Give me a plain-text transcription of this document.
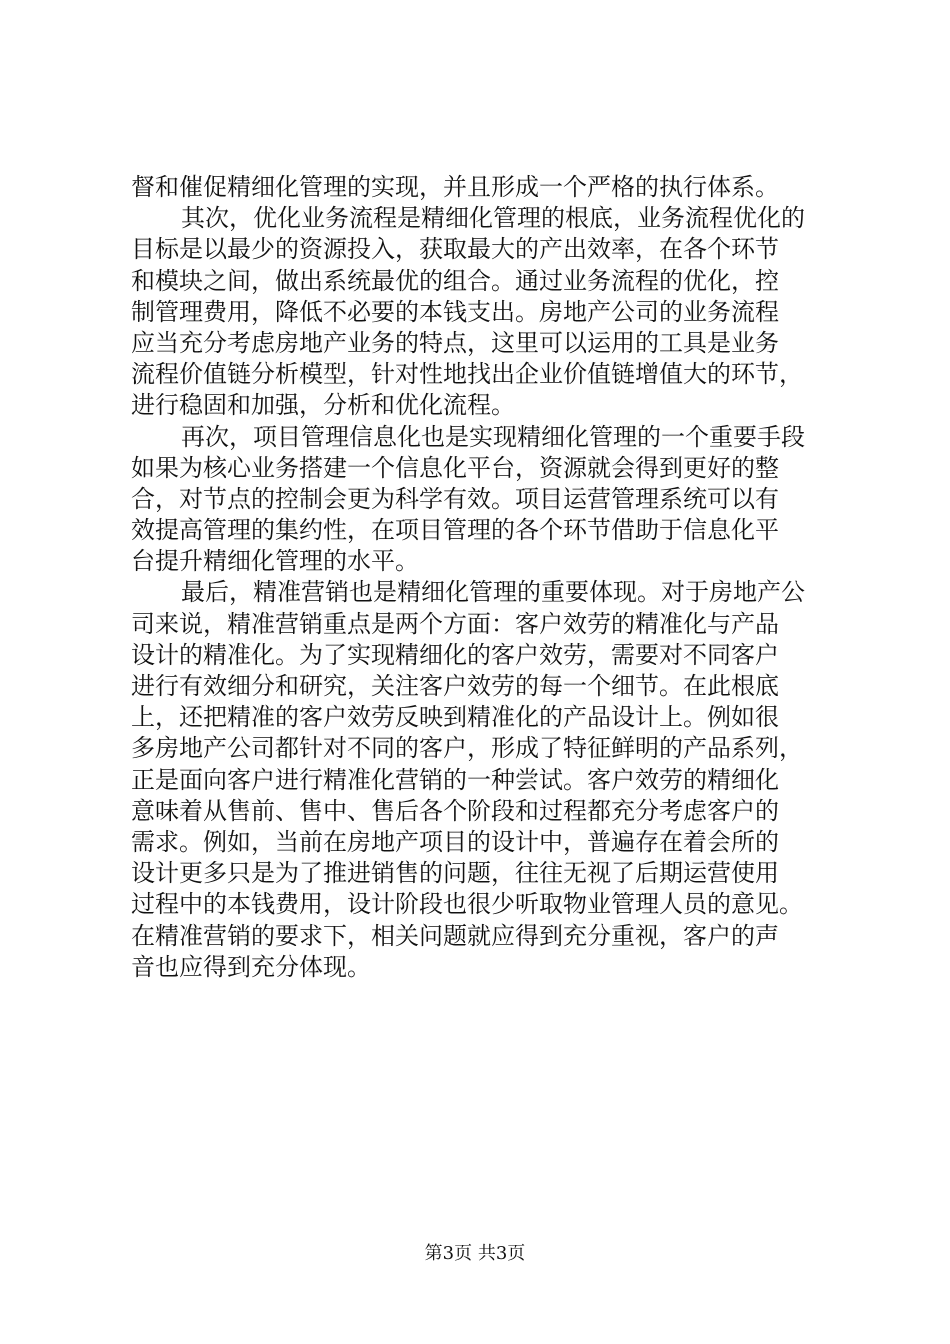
督和催促精细化管理的实现，并且形成一个严格的执行体系。
其次，优化业务流程是精细化管理的根底，业务流程优化的
目标是以最少的资源投入，获取最大的产出效率，在各个环节
和模块之间，做出系统最优的组合。通过业务流程的优化，控
制管理费用，降低不必要的本钱支出。房地产公司的业务流程
应当充分考虑房地产业务的特点，这里可以运用的工具是业务
流程价值链分析模型，针对性地找出企业价值链增值大的环节，
进行稳固和加强，分析和优化流程。
再次，项目管理信息化也是实现精细化管理的一个重要手段
如果为核心业务搭建一个信息化平台，资源就会得到更好的整
合，对节点的控制会更为科学有效。项目运营管理系统可以有
效提高管理的集约性，在项目管理的各个环节借助于信息化平
台提升精细化管理的水平。
最后，精准营销也是精细化管理的重要体现。对于房地产公
司来说，精准营销重点是两个方面：客户效劳的精准化与产品
设计的精准化。为了实现精细化的客户效劳，需要对不同客户
进行有效细分和研究，关注客户效劳的每一个细节。在此根底
上，还把精准的客户效劳反映到精准化的产品设计上。例如很
多房地产公司都针对不同的客户，形成了特征鲜明的产品系列，
正是面向客户进行精准化营销的一种尝试。客户效劳的精细化
意味着从售前、售中、售后各个阶段和过程都充分考虑客户的
需求。例如，当前在房地产项目的设计中，普遍存在着会所的
设计更多只是为了推进销售的问题，往往无视了后期运营使用
过程中的本钱费用，设计阶段也很少听取物业管理人员的意见。
在精准营销的要求下，相关问题就应得到充分重视，客户的声
音也应得到充分体现。
第3页 共3页
